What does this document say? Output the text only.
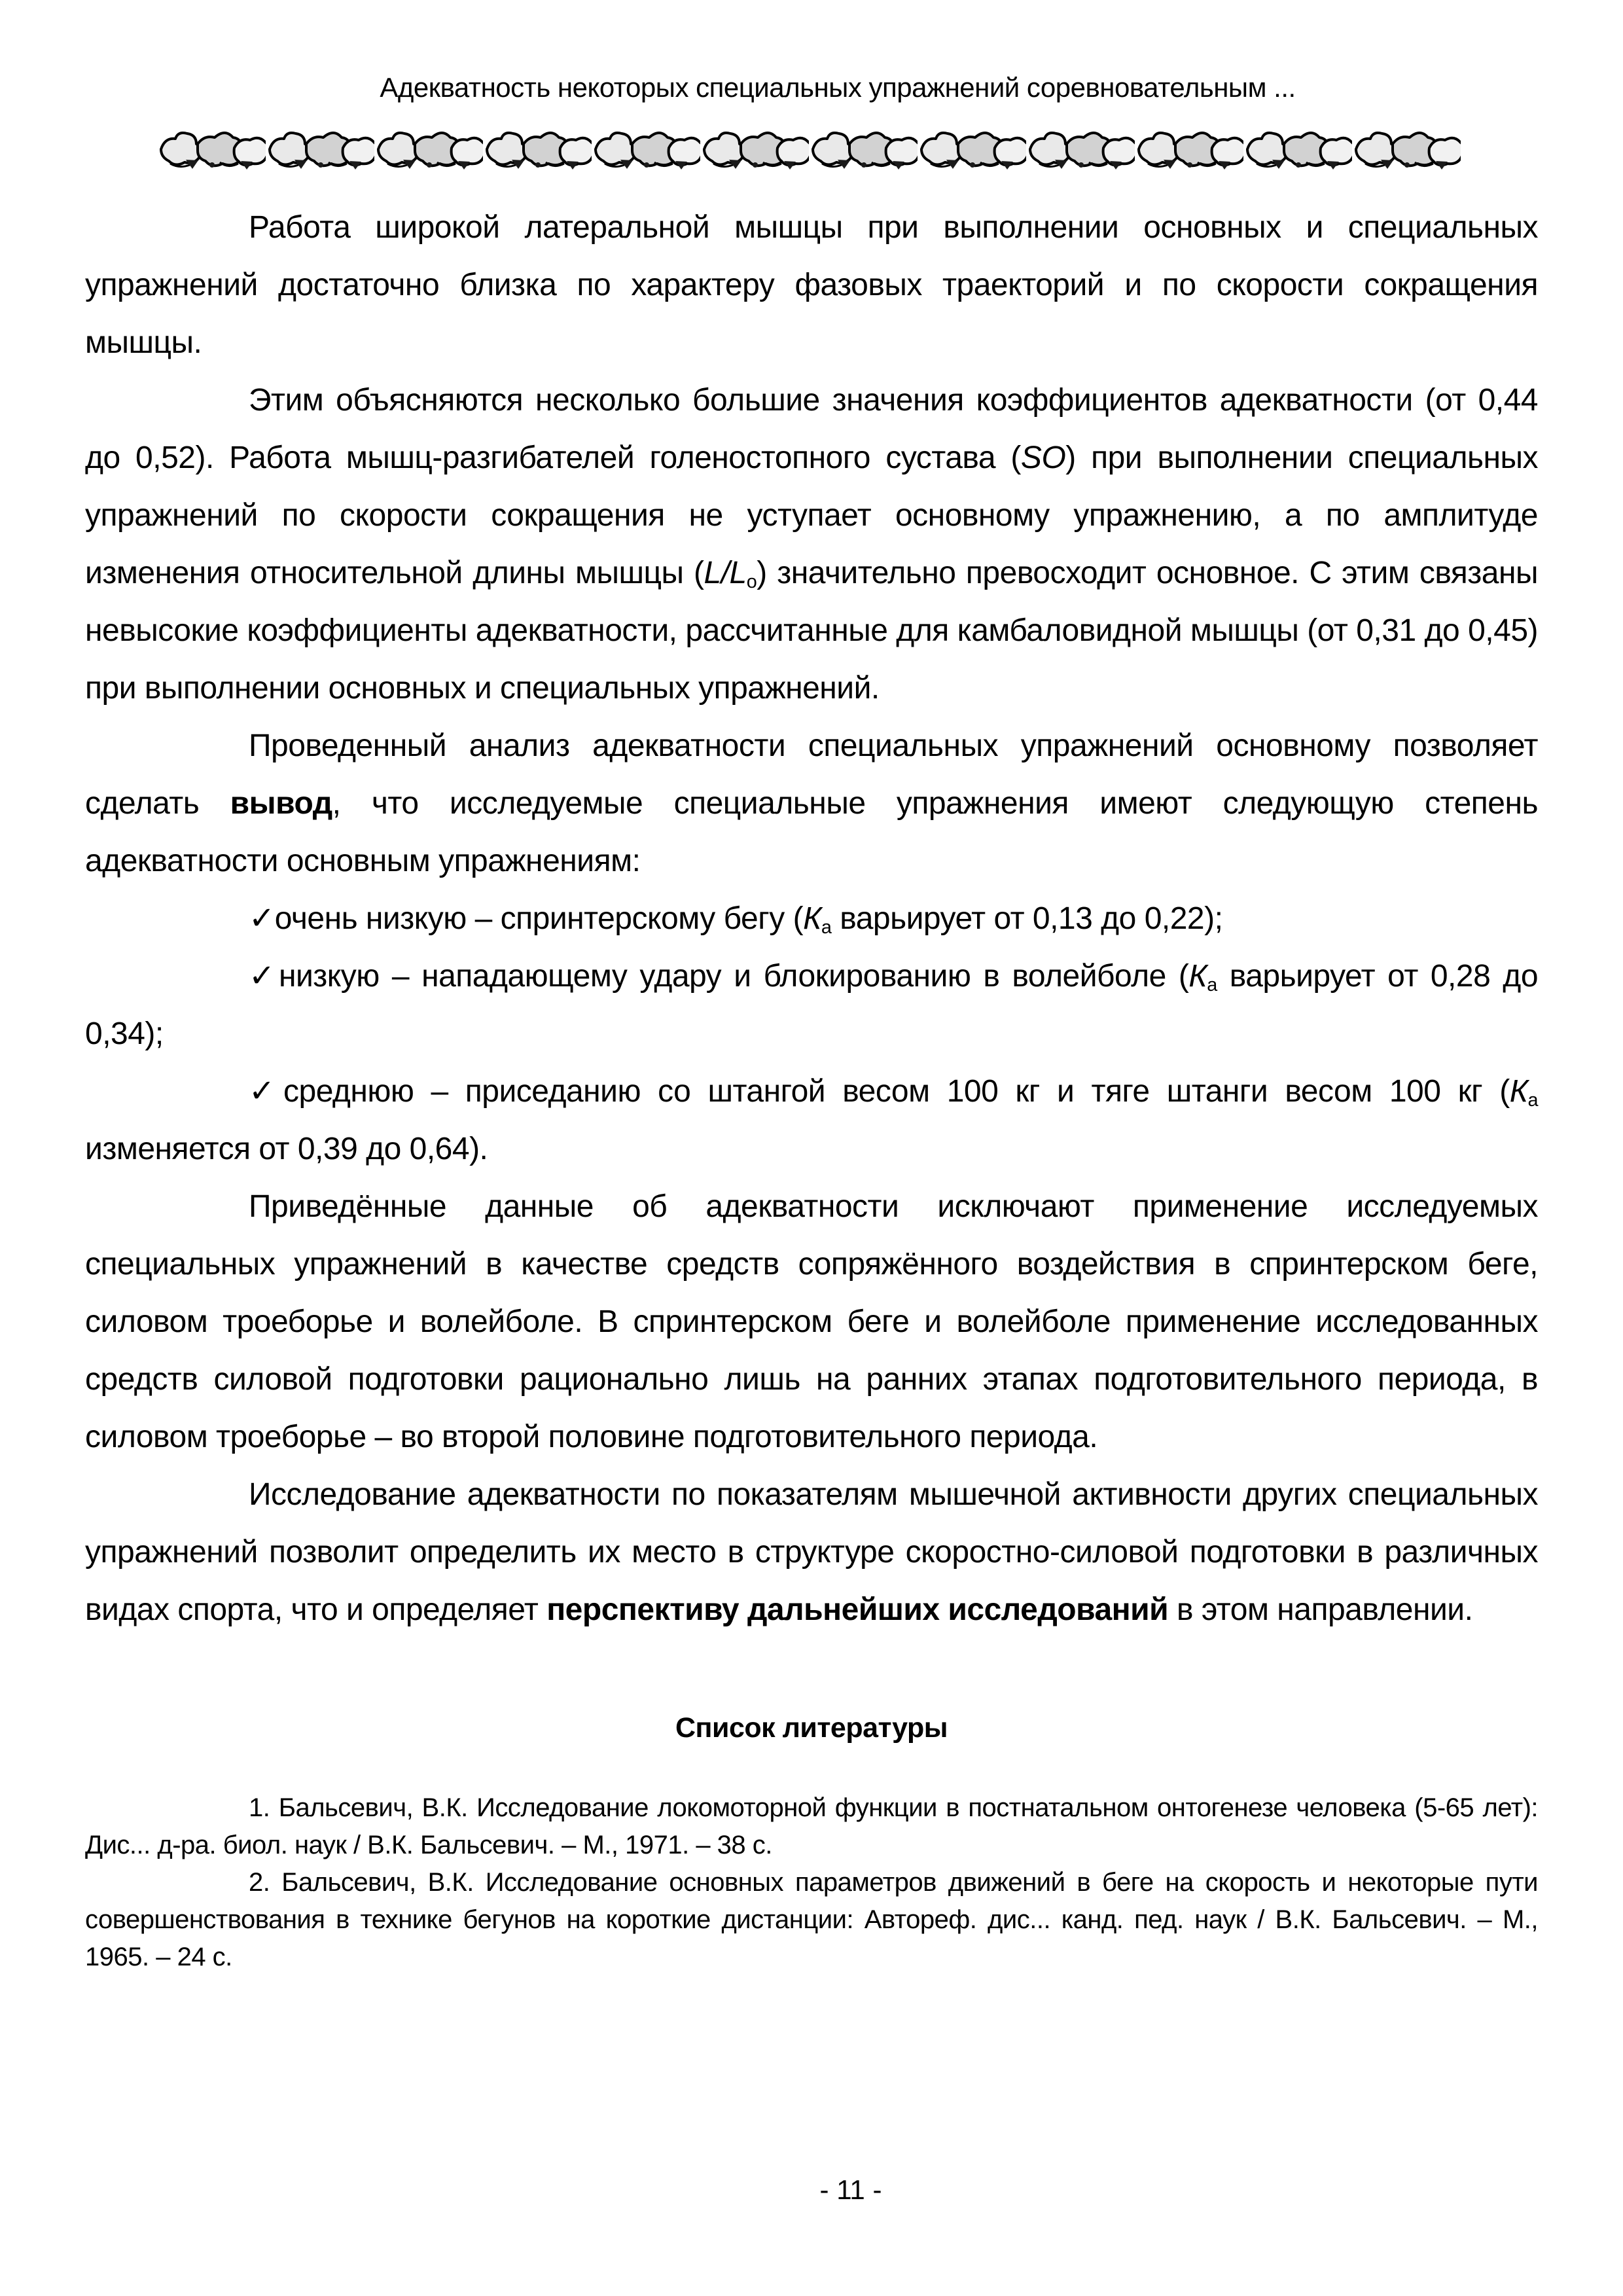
Адекватность некоторых специальных упражнений соревновательным ...

Работа широкой латеральной мышцы при выполнении основных и специальных упражнений достаточно близка по характеру фазовых траекторий и по скорости сокращения мышцы.

Этим объясняются несколько большие значения коэффициентов адекватности (от 0,44 до 0,52). Работа мышц-разгибателей голеностопного сустава (SO) при выполнении специальных упражнений по скорости сокращения не уступает основному упражнению, а по амплитуде изменения относительной длины мышцы $(L/L_о)$ значительно превосходит основное. С этим связаны невысокие коэффициенты адекватности, рассчитанные для камбаловидной мышцы (от 0,31 до 0,45) при выполнении основных и специальных упражнений.

Проведенный анализ адекватности специальных упражнений основному позволяет сделать вывод, что исследуемые специальные упражнения имеют следующую степень адекватности основным упражнениям:

✓очень низкую – спринтерскому бегу ($К_а$ варьирует от 0,13 до 0,22);

✓низкую – нападающему удару и блокированию в волейболе ($К_а$ варьирует от 0,28 до 0,34);

✓среднюю – приседанию со штангой весом 100 кг и тяге штанги весом 100 кг ($К_а$ изменяется от 0,39 до 0,64).

Приведённые данные об адекватности исключают применение исследуемых специальных упражнений в качестве средств сопряжённого воздействия в спринтерском беге, силовом троеборье и волейболе. В спринтерском беге и волейболе применение исследованных средств силовой подготовки рационально лишь на ранних этапах подготовительного периода, в силовом троеборье – во второй половине подготовительного периода.

Исследование адекватности по показателям мышечной активности других специальных упражнений позволит определить их место в структуре скоростно-силовой подготовки в различных видах спорта, что и определяет перспективу дальнейших исследований в этом направлении.

Список литературы

1. Бальсевич, В.К. Исследование локомоторной функции в постнатальном онтогенезе человека (5-65 лет): Дис... д-ра. биол. наук / В.К. Бальсевич. – М., 1971. – 38 с.

2. Бальсевич, В.К. Исследование основных параметров движений в беге на скорость и некоторые пути совершенствования в технике бегунов на короткие дистанции: Автореф. дис... канд. пед. наук / В.К. Бальсевич. – М., 1965. – 24 с.

- 11 -
